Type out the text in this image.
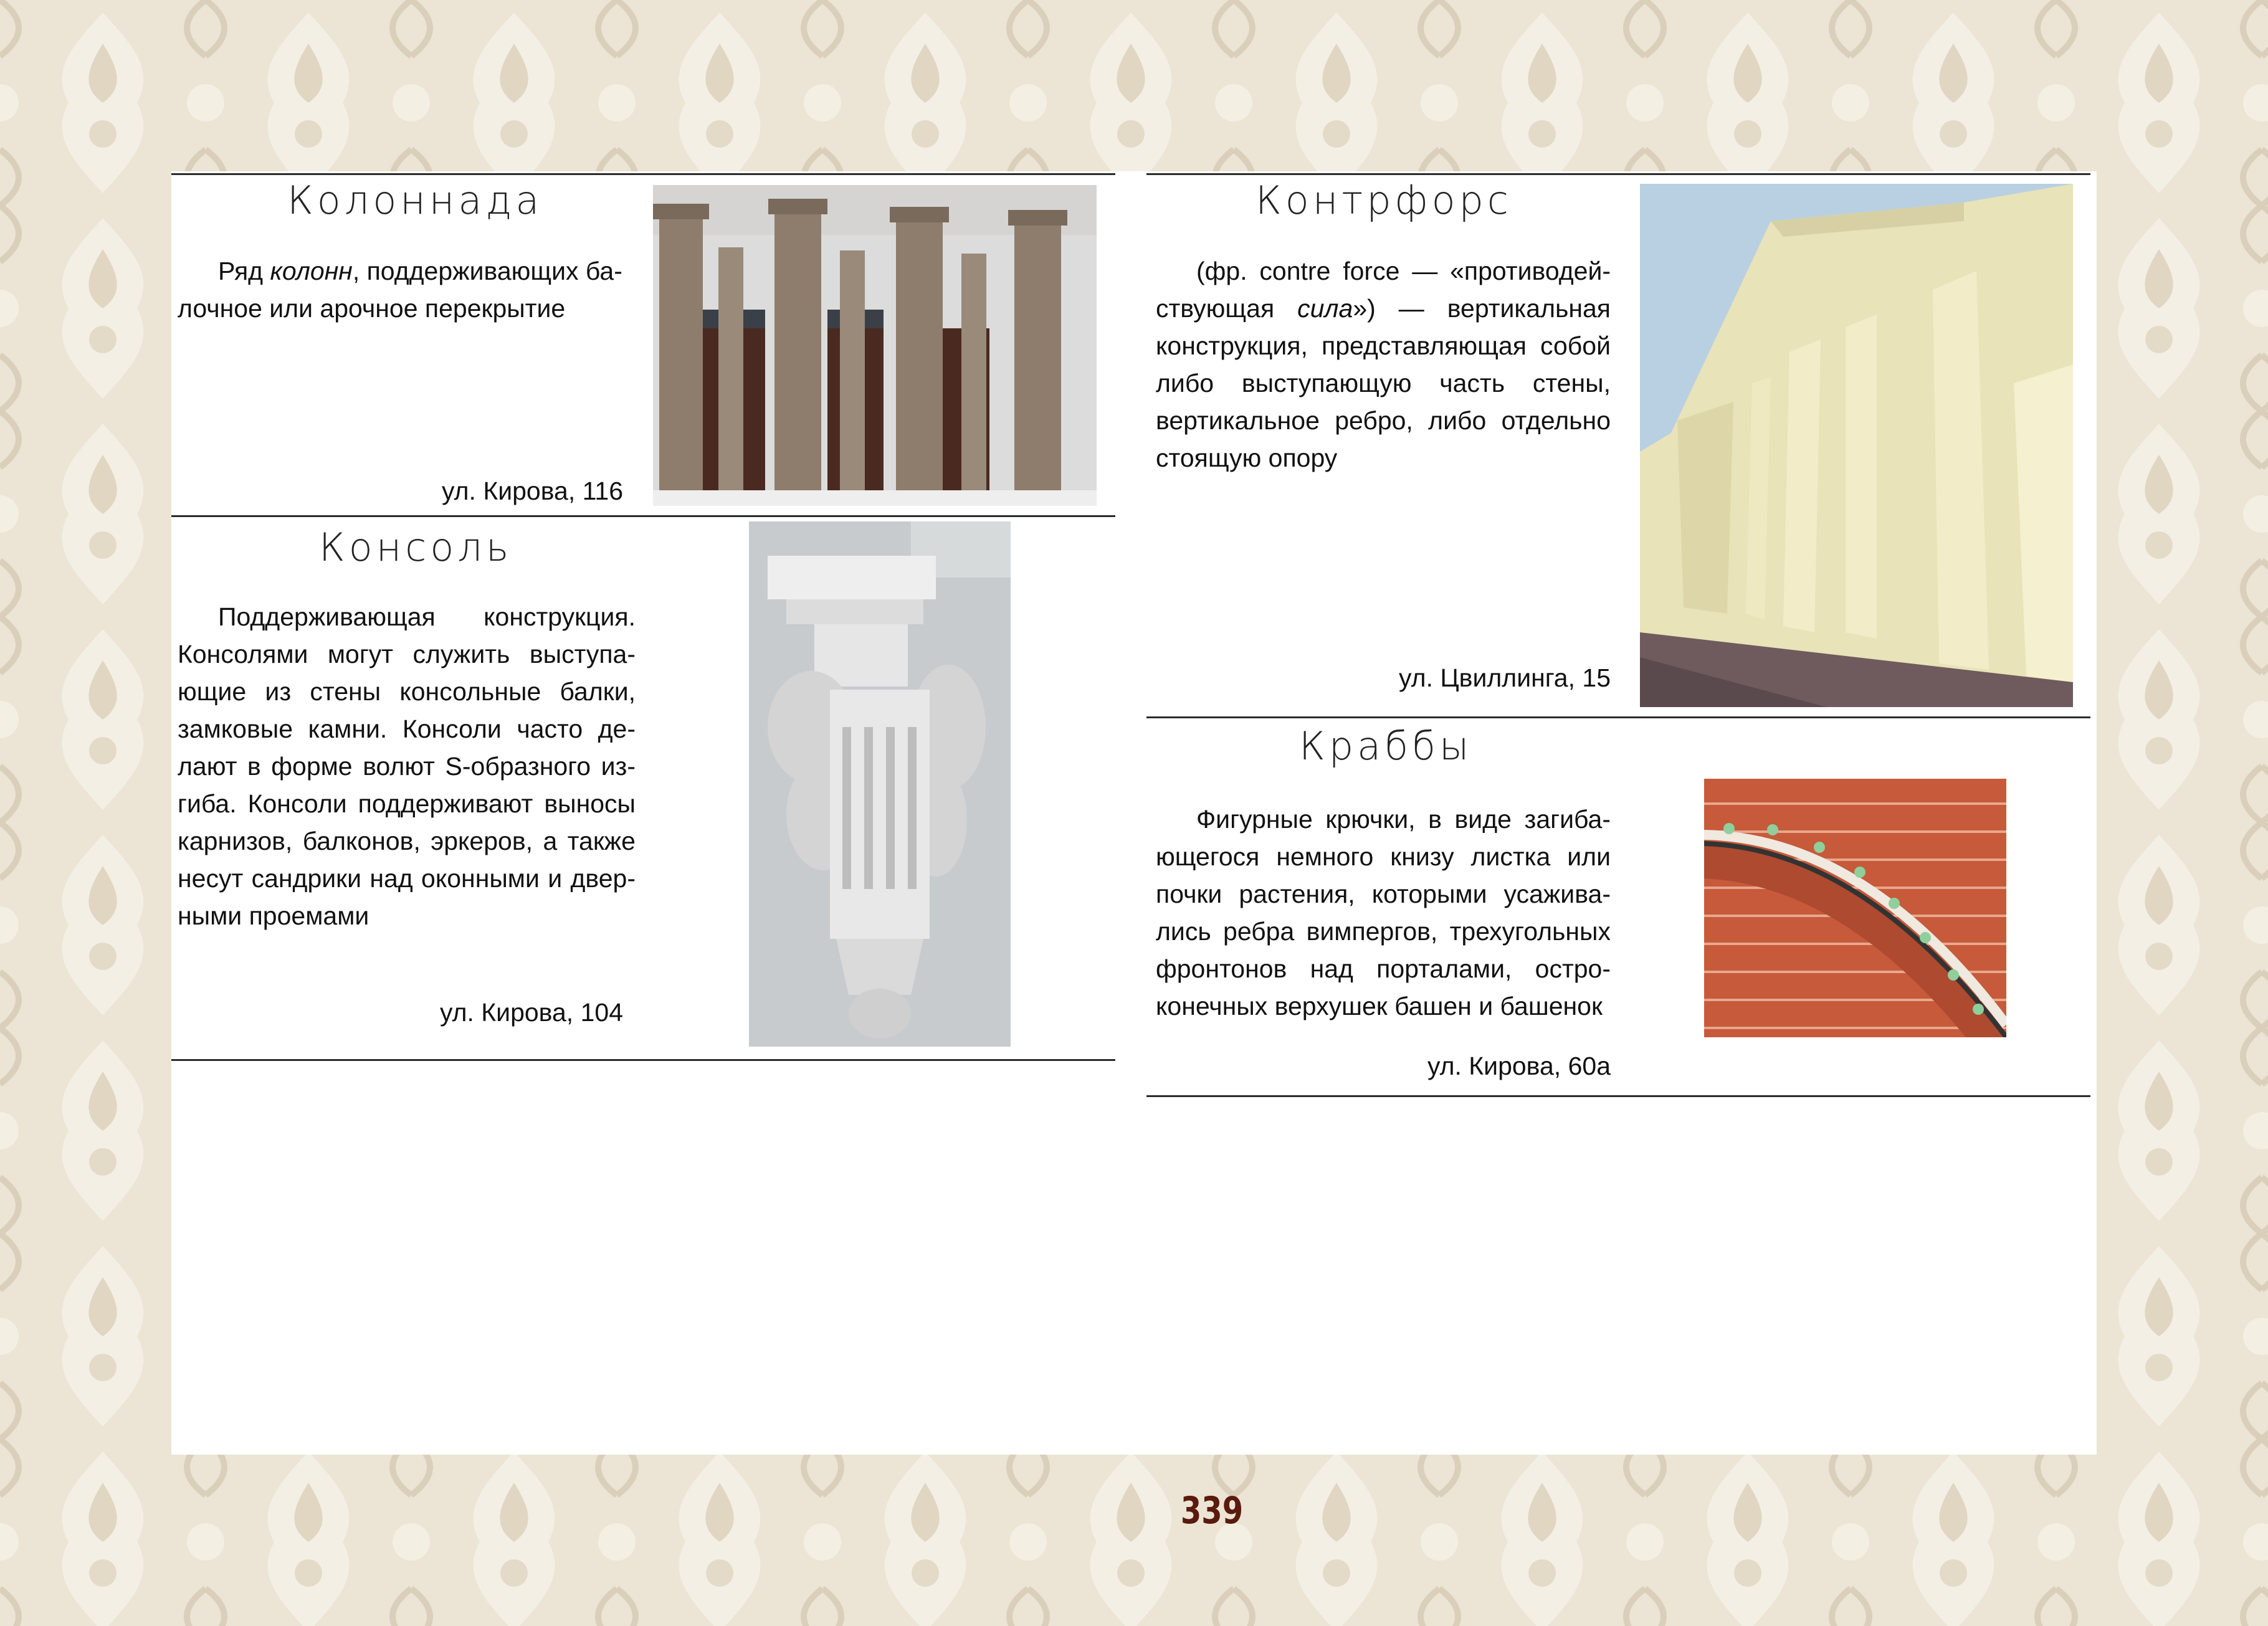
Колоннада
Ряд колонн, поддерживающих ба-лочное или арочное перекрытие
ул. Кирова, 116
Консоль
Поддерживающая конструкция. Консолями могут служить выступа-ющие из стены консольные балки, замковые камни. Консоли часто де-лают в форме волют S-образного из-гиба. Консоли поддерживают выносы карнизов, балконов, эркеров, а также несут сандрики над оконными и двер-ными проемами
ул. Кирова, 104
Контрфорс
(фр. contre force — «противодей-ствующая сила») — вертикальная конструкция, представляющая собой либо выступающую часть стены, вертикальное ребро, либо отдельно стоящую опору
ул. Цвиллинга, 15
Краббы
Фигурные крючки, в виде загиба-ющегося немного книзу листка или почки растения, которыми усажива-лись ребра вимпергов, трехугольных фронтонов над порталами, остро-конечных верхушек башен и башенок
ул. Кирова, 60а
339
